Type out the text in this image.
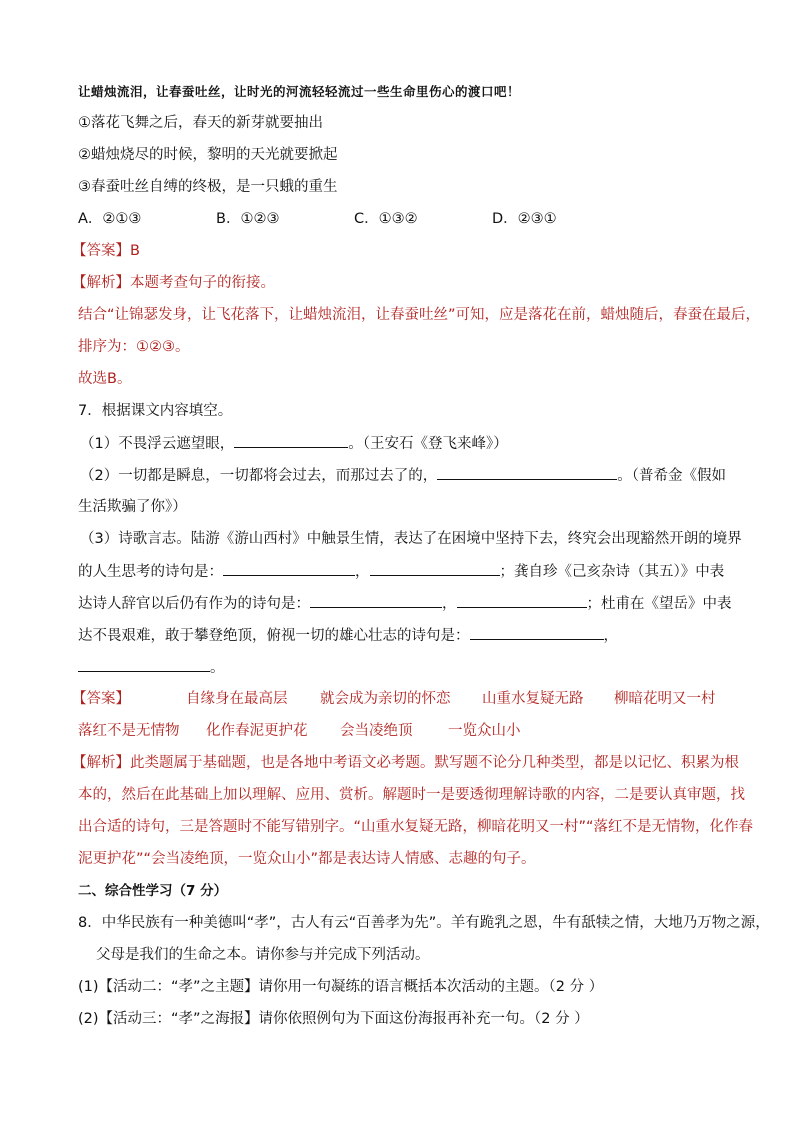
让蜡烛流泪，让春蚕吐丝，让时光的河流轻轻流过一些生命里伤心的渡口吧！
①落花飞舞之后，春天的新芽就要抽出
②蜡烛烧尽的时候，黎明的天光就要掀起
③春蚕吐丝自缚的终极，是一只蛾的重生
A．②①③	B．①②③	C．①③②	D．②③①
【答案】B
【解析】本题考查句子的衔接。
结合“让锦瑟发身，让飞花落下，让蜡烛流泪，让春蚕吐丝”可知，应是落花在前，蜡烛随后，春蚕在最后，
排序为：①②③。
故选B。
7．根据课文内容填空。
（1）不畏浮云遮望眼，	。（王安石《登飞来峰》）
（2）一切都是瞬息，一切都将会过去，而那过去了的，	。（普希金《假如
生活欺骗了你》）
（3）诗歌言志。陆游《游山西村》中触景生情，表达了在困境中坚持下去，终究会出现豁然开朗的境界
的人生思考的诗句是：	，	；龚自珍《己亥杂诗（其五）》中表
达诗人辞官以后仍有作为的诗句是：	，	；杜甫在《望岳》中表
达不畏艰难，敢于攀登绝顶，俯视一切的雄心壮志的诗句是：	，
。
【答案】	自缘身在最高层 就会成为亲切的怀恋 山重水复疑无路 柳暗花明又一村
落红不是无情物 化作春泥更护花 会当凌绝顶 一览众山小
【解析】此类题属于基础题，也是各地中考语文必考题。默写题不论分几种类型，都是以记忆、积累为根
本的，然后在此基础上加以理解、应用、赏析。解题时一是要透彻理解诗歌的内容，二是要认真审题，找
出合适的诗句，三是答题时不能写错别字。“山重水复疑无路，柳暗花明又一村”“落红不是无情物，化作春
泥更护花”“会当凌绝顶，一览众山小”都是表达诗人情感、志趣的句子。
二、综合性学习（7 分）
8．中华民族有一种美德叫“孝”，古人有云“百善孝为先”。羊有跪乳之恩，牛有舐犊之情，大地乃万物之源，
父母是我们的生命之本。请你参与并完成下列活动。
(1)【活动二：“孝”之主题】请你用一句凝练的语言概括本次活动的主题。（2 分 ）
(2)【活动三：“孝”之海报】请你依照例句为下面这份海报再补充一句。（2 分 ）
